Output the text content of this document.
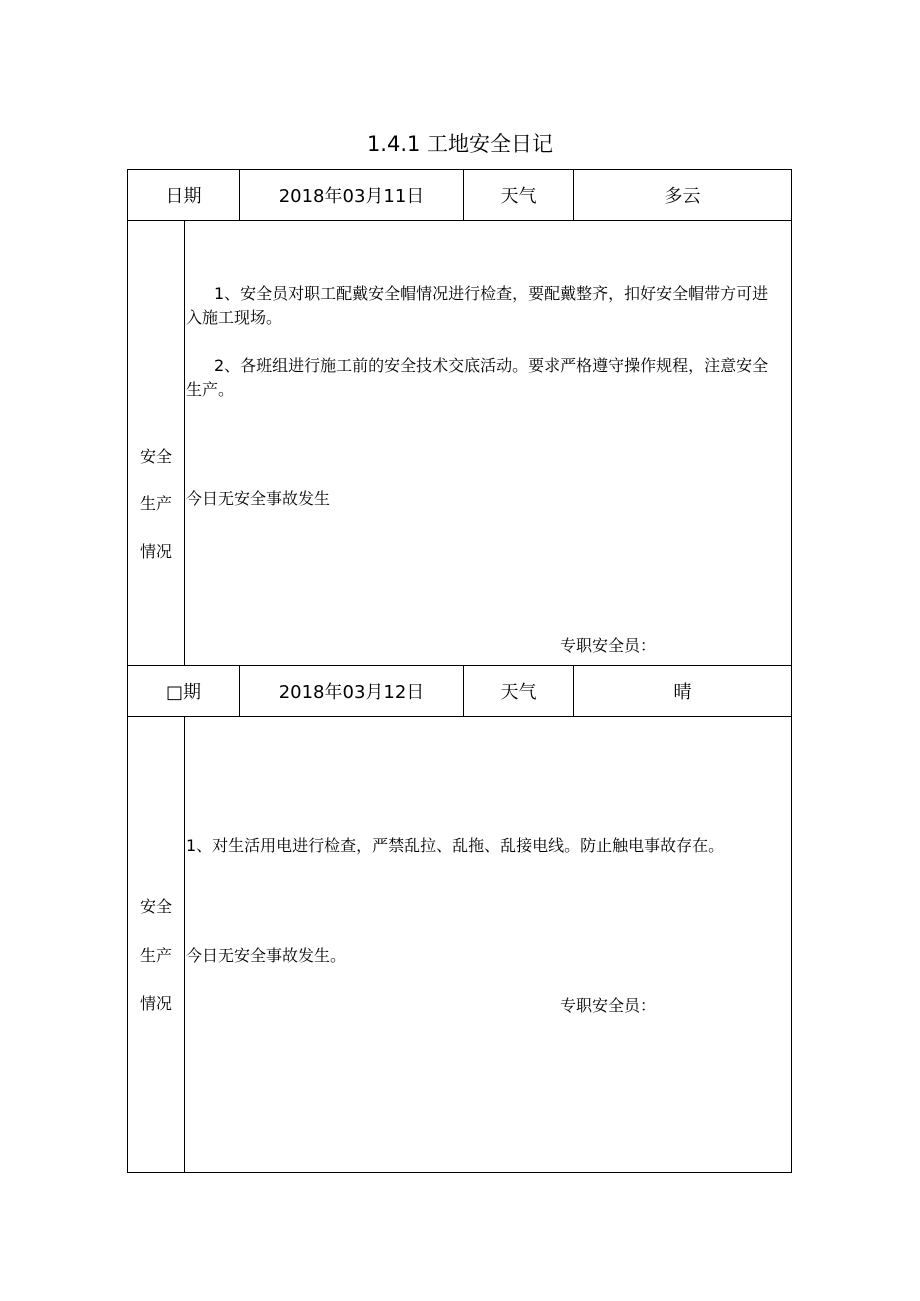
1.4.1 工地安全日记
日期	2018年03月11日	天气	多云
安全
生产
情况
1、安全员对职工配戴安全帽情况进行检查，要配戴整齐，扣好安全帽带方可进入施工现场。
2、各班组进行施工前的安全技术交底活动。要求严格遵守操作规程，注意安全生产。
今日无安全事故发生
专职安全员：
□期	2018年03月12日	天气	晴
安全
生产
情况
1、对生活用电进行检查，严禁乱拉、乱拖、乱接电线。防止触电事故存在。
今日无安全事故发生。
专职安全员：
